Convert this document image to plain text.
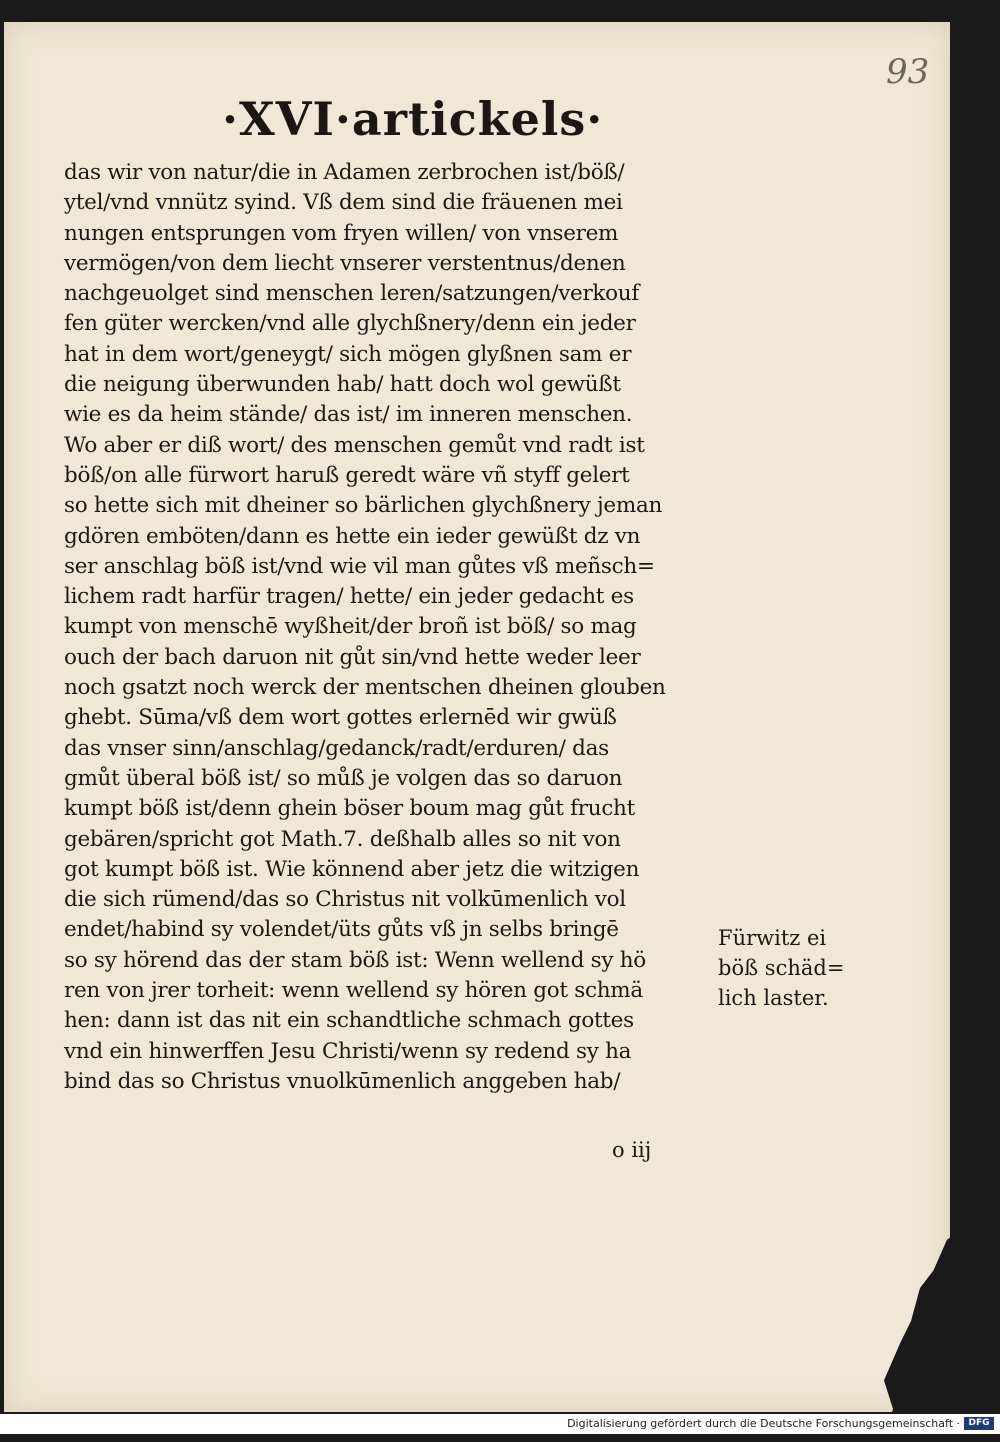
93
·XVI·artickels·
das wir von natur/die in Adamen zerbrochen ist/böß/
ytel/vnd vnnütz syind. Vß dem sind die fräuenen mei
nungen entsprungen vom fryen willen/ von vnserem
vermögen/von dem liecht vnserer verstentnus/denen
nachgeuolget sind menschen leren/satzungen/verkouf
fen güter wercken/vnd alle glychßnery/denn ein jeder
hat in dem wort/geneygt/ sich mögen glyßnen sam er
die neigung überwunden hab/ hatt doch wol gewüßt
wie es da heim stände/ das ist/ im inneren menschen.
Wo aber er diß wort/ des menschen gemůt vnd radt ist
böß/on alle fürwort haruß geredt wäre vñ styff gelert
so hette sich mit dheiner so bärlichen glychßnery jeman
gdören emböten/dann es hette ein ieder gewüßt dz vn
ser anschlag böß ist/vnd wie vil man gůtes vß meñsch=
lichem radt harfür tragen/ hette/ ein jeder gedacht es
kumpt von menschē wyßheit/der broñ ist böß/ so mag
ouch der bach daruon nit gůt sin/vnd hette weder leer
noch gsatzt noch werck der mentschen dheinen glouben
ghebt. Sūma/vß dem wort gottes erlernēd wir gwüß
das vnser sinn/anschlag/gedanck/radt/erduren/ das
gmůt überal böß ist/ so můß je volgen das so daruon
kumpt böß ist/denn ghein böser boum mag gůt frucht
gebären/spricht got Math.7. deßhalb alles so nit von
got kumpt böß ist. Wie könnend aber jetz die witzigen
die sich rümend/das so Christus nit volkūmenlich vol
endet/habind sy volendet/üts gůts vß jn selbs bringē
so sy hörend das der stam böß ist: Wenn wellend sy hö
ren von jrer torheit: wenn wellend sy hören got schmä
hen: dann ist das nit ein schandtliche schmach gottes
vnd ein hinwerffen Jesu Christi/wenn sy redend sy ha
bind das so Christus vnuolkūmenlich anggeben hab/
Fürwitz ei
böß schäd=
lich laster.
o iij
Digitalisierung gefördert durch die Deutsche Forschungsgemeinschaft · DFG
